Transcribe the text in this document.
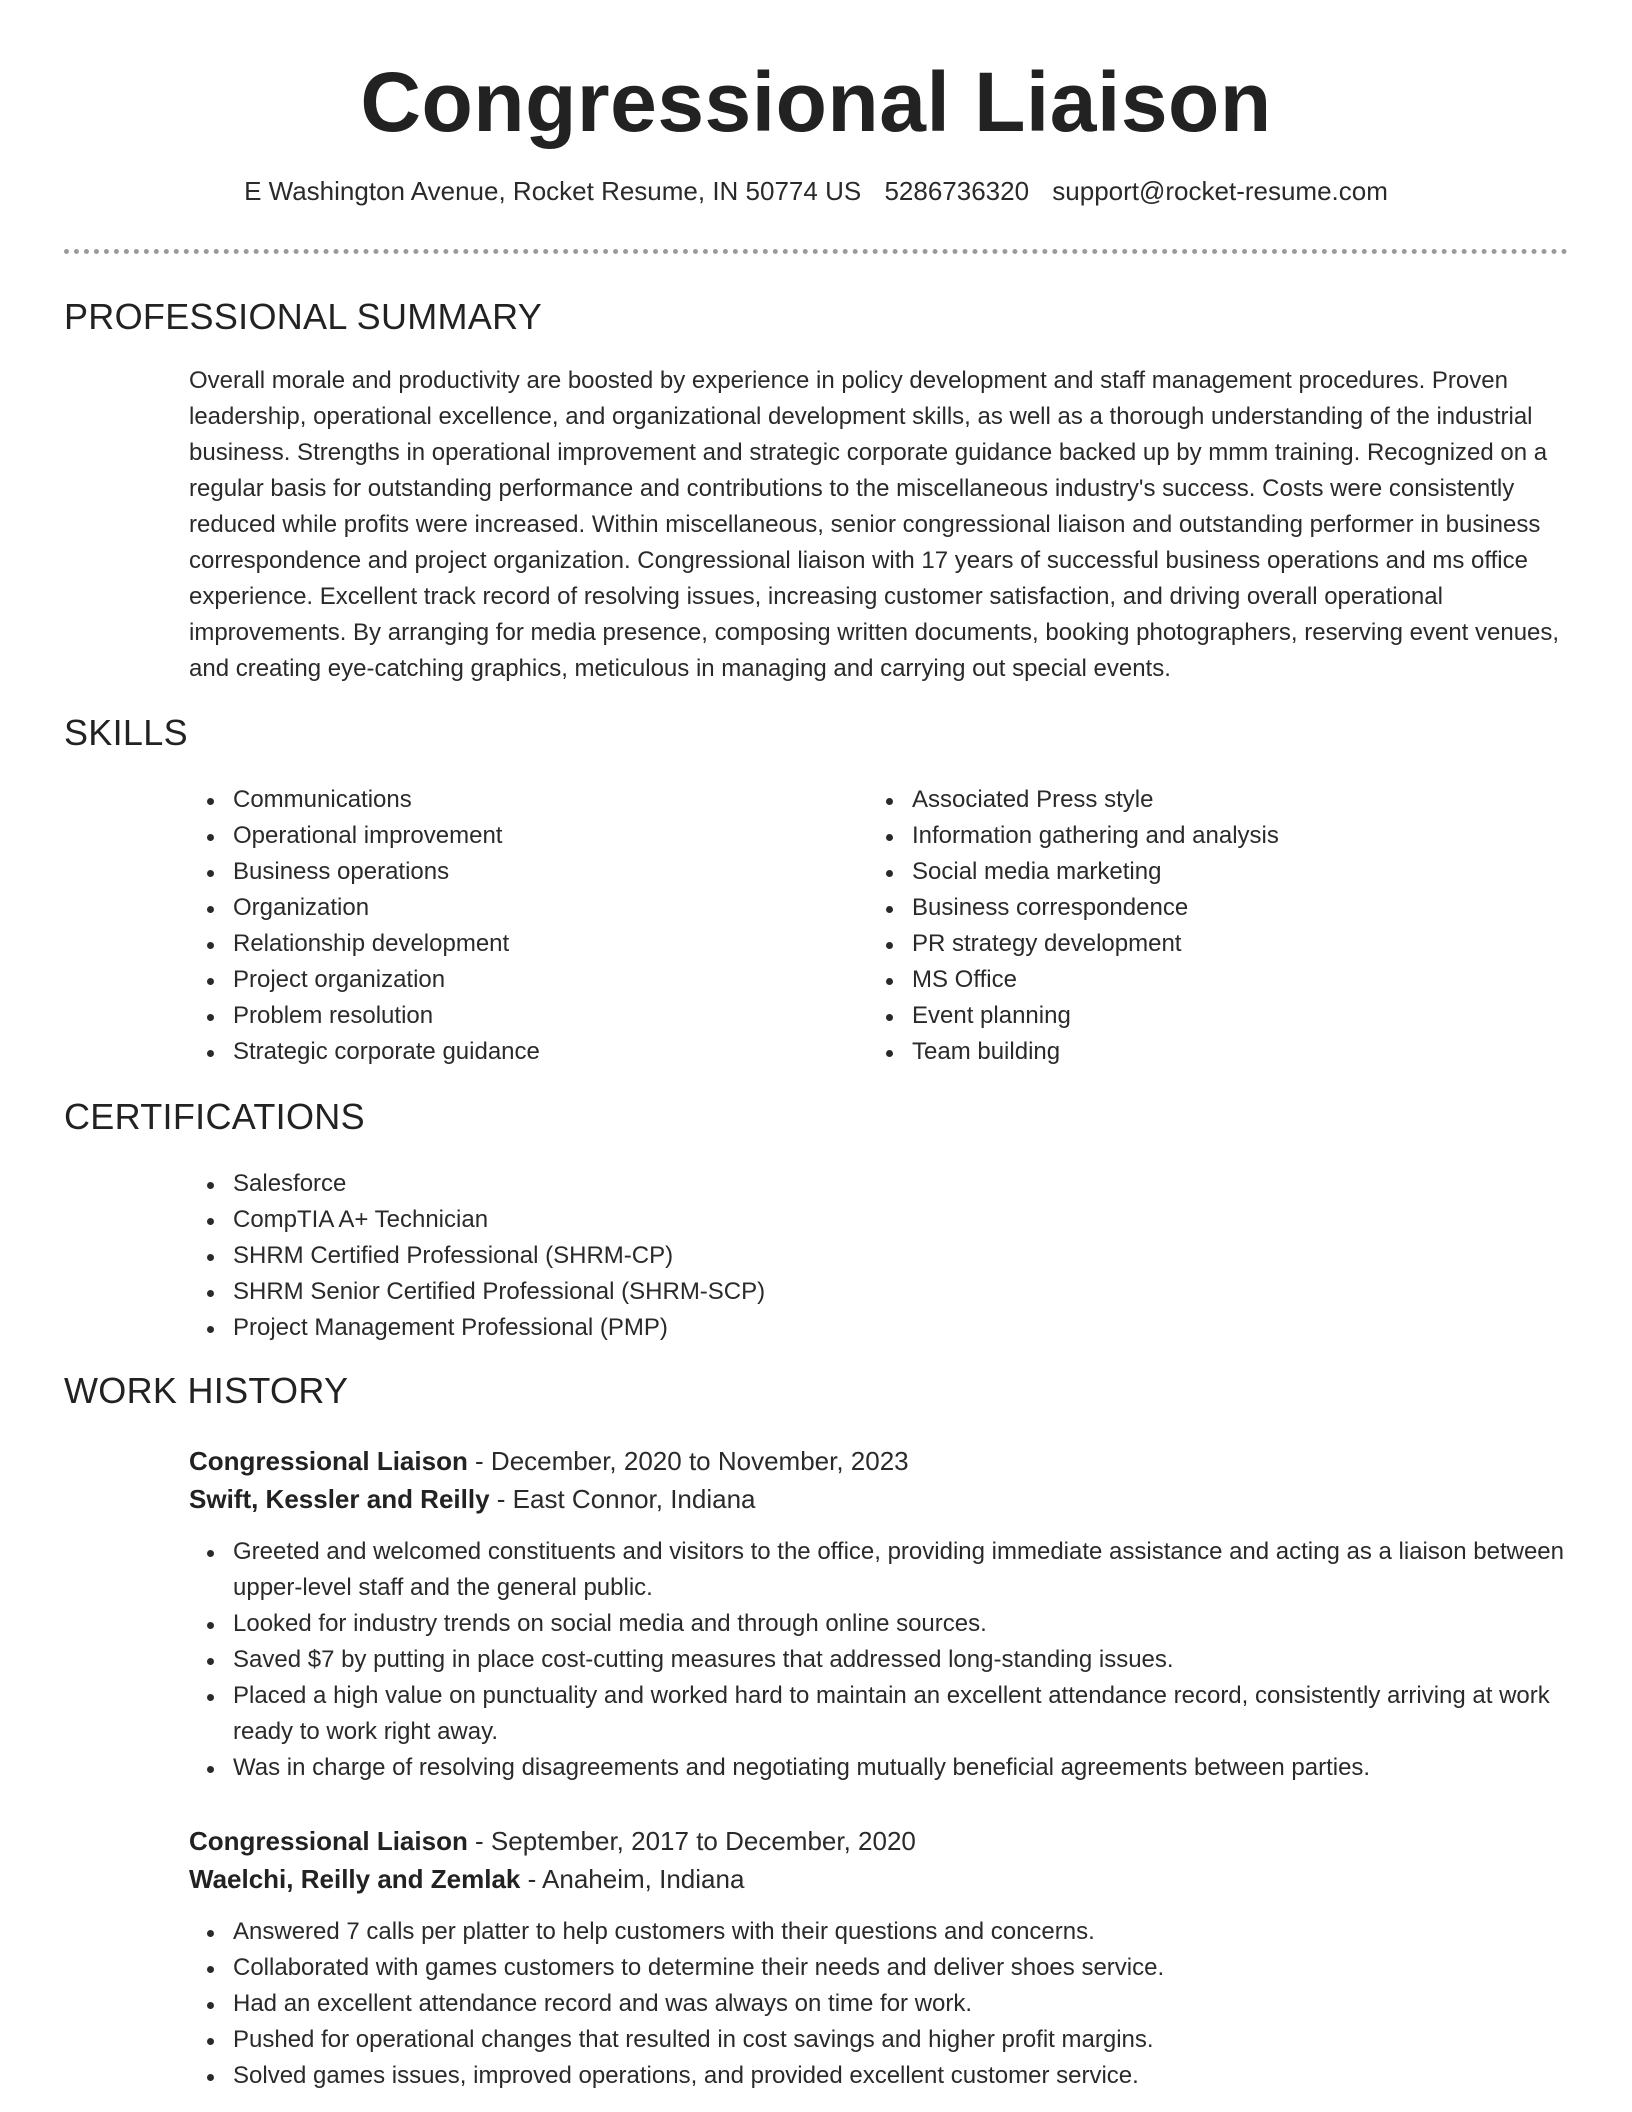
Congressional Liaison
E Washington Avenue, Rocket Resume, IN 50774 US 5286736320 support@rocket-resume.com
PROFESSIONAL SUMMARY

Overall morale and productivity are boosted by experience in policy development and staff management procedures. Proven leadership, operational excellence, and organizational development skills, as well as a thorough understanding of the industrial business. Strengths in operational improvement and strategic corporate guidance backed up by mmm training. Recognized on a regular basis for outstanding performance and contributions to the miscellaneous industry's success. Costs were consistently reduced while profits were increased. Within miscellaneous, senior congressional liaison and outstanding performer in business correspondence and project organization. Congressional liaison with 17 years of successful business operations and ms office experience. Excellent track record of resolving issues, increasing customer satisfaction, and driving overall operational improvements. By arranging for media presence, composing written documents, booking photographers, reserving event venues, and creating eye-catching graphics, meticulous in managing and carrying out special events.

SKILLS
Communications
Operational improvement
Business operations
Organization
Relationship development
Project organization
Problem resolution
Strategic corporate guidance
Associated Press style
Information gathering and analysis
Social media marketing
Business correspondence
PR strategy development
MS Office
Event planning
Team building
CERTIFICATIONS
Salesforce
CompTIA A+ Technician
SHRM Certified Professional (SHRM-CP)
SHRM Senior Certified Professional (SHRM-SCP)
Project Management Professional (PMP)
WORK HISTORY
Congressional Liaison - December, 2020 to November, 2023
Swift, Kessler and Reilly - East Connor, Indiana
Greeted and welcomed constituents and visitors to the office, providing immediate assistance and acting as a liaison between upper-level staff and the general public.
Looked for industry trends on social media and through online sources.
Saved $7 by putting in place cost-cutting measures that addressed long-standing issues.
Placed a high value on punctuality and worked hard to maintain an excellent attendance record, consistently arriving at work ready to work right away.
Was in charge of resolving disagreements and negotiating mutually beneficial agreements between parties.
Congressional Liaison - September, 2017 to December, 2020
Waelchi, Reilly and Zemlak - Anaheim, Indiana
Answered 7 calls per platter to help customers with their questions and concerns.
Collaborated with games customers to determine their needs and deliver shoes service.
Had an excellent attendance record and was always on time for work.
Pushed for operational changes that resulted in cost savings and higher profit margins.
Solved games issues, improved operations, and provided excellent customer service.
